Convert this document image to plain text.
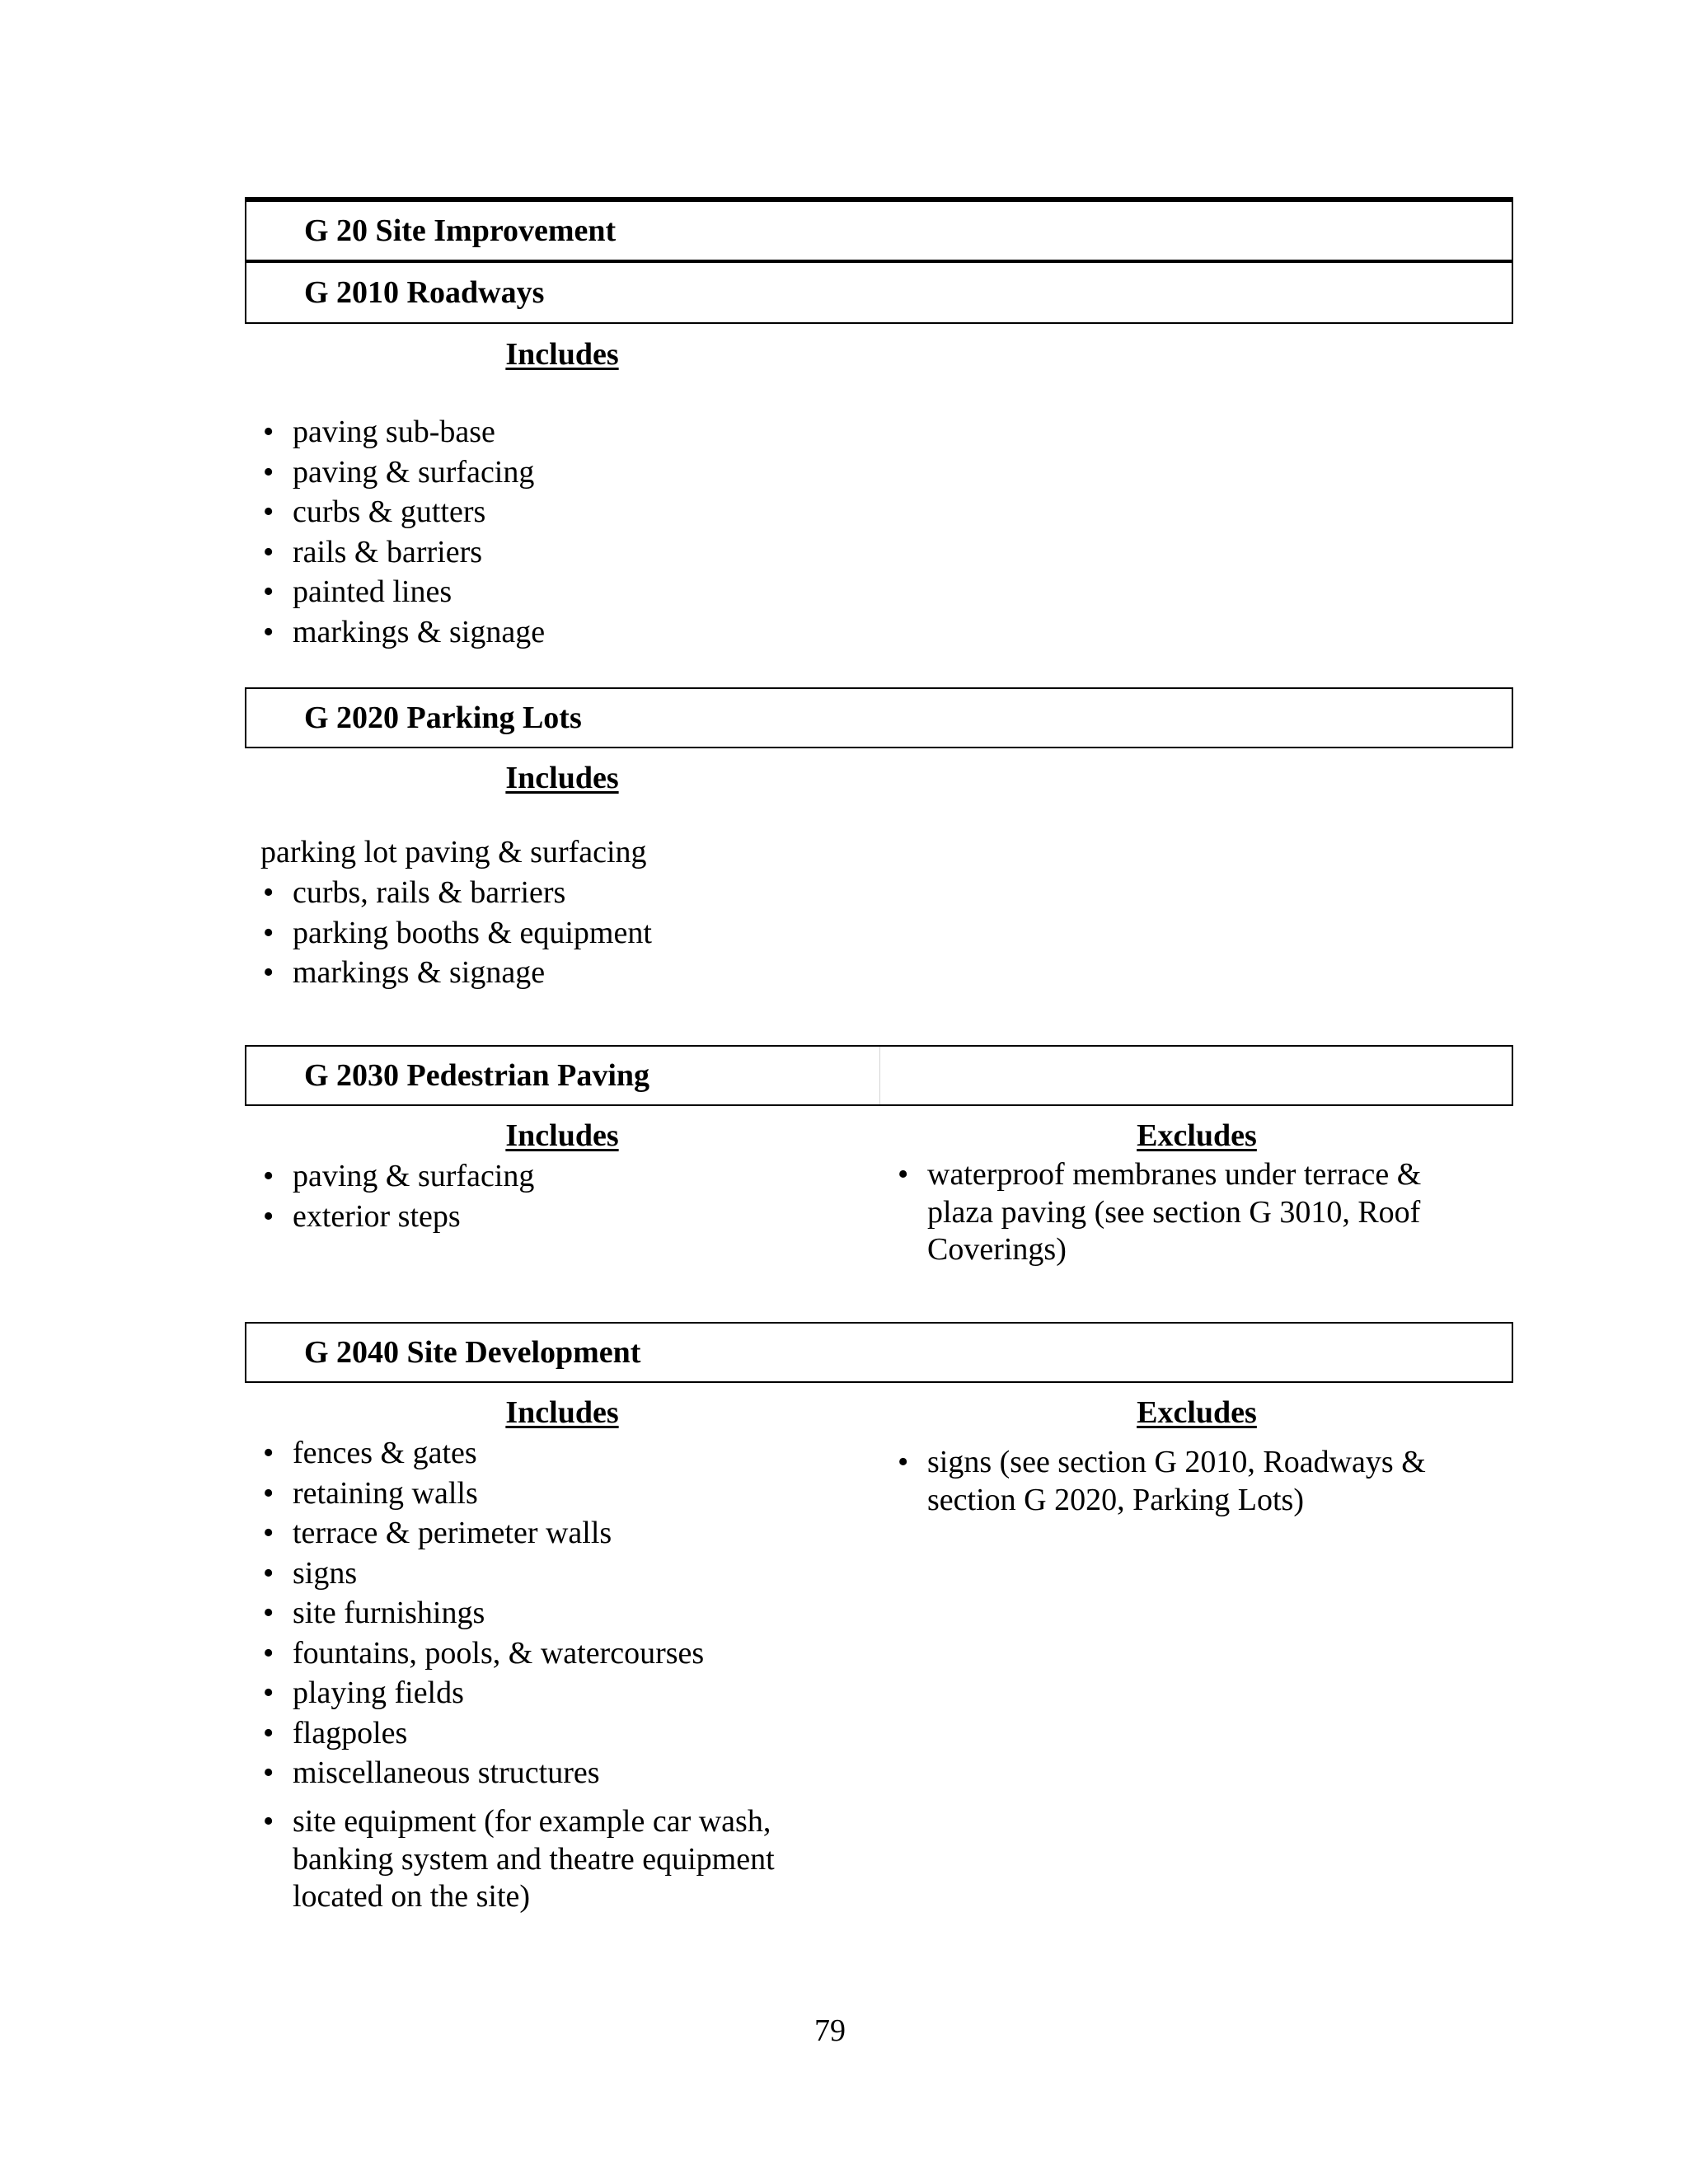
G 20 Site Improvement
G 2010 Roadways
Includes
• paving sub-base
• paving & surfacing
• curbs & gutters
• rails & barriers
• painted lines
• markings & signage
G 2020 Parking Lots
Includes
parking lot paving & surfacing
• curbs, rails & barriers
• parking booths & equipment
• markings & signage
G 2030 Pedestrian Paving
Includes	Excludes
• paving & surfacing
• exterior steps
• waterproof membranes under terrace & plaza paving (see section G 3010, Roof Coverings)
G 2040 Site Development
Includes	Excludes
• fences & gates
• retaining walls
• terrace & perimeter walls
• signs
• site furnishings
• fountains, pools, & watercourses
• playing fields
• flagpoles
• miscellaneous structures
• site equipment (for example car wash, banking system and theatre equipment located on the site)
• signs (see section G 2010, Roadways & section G 2020, Parking Lots)
79
